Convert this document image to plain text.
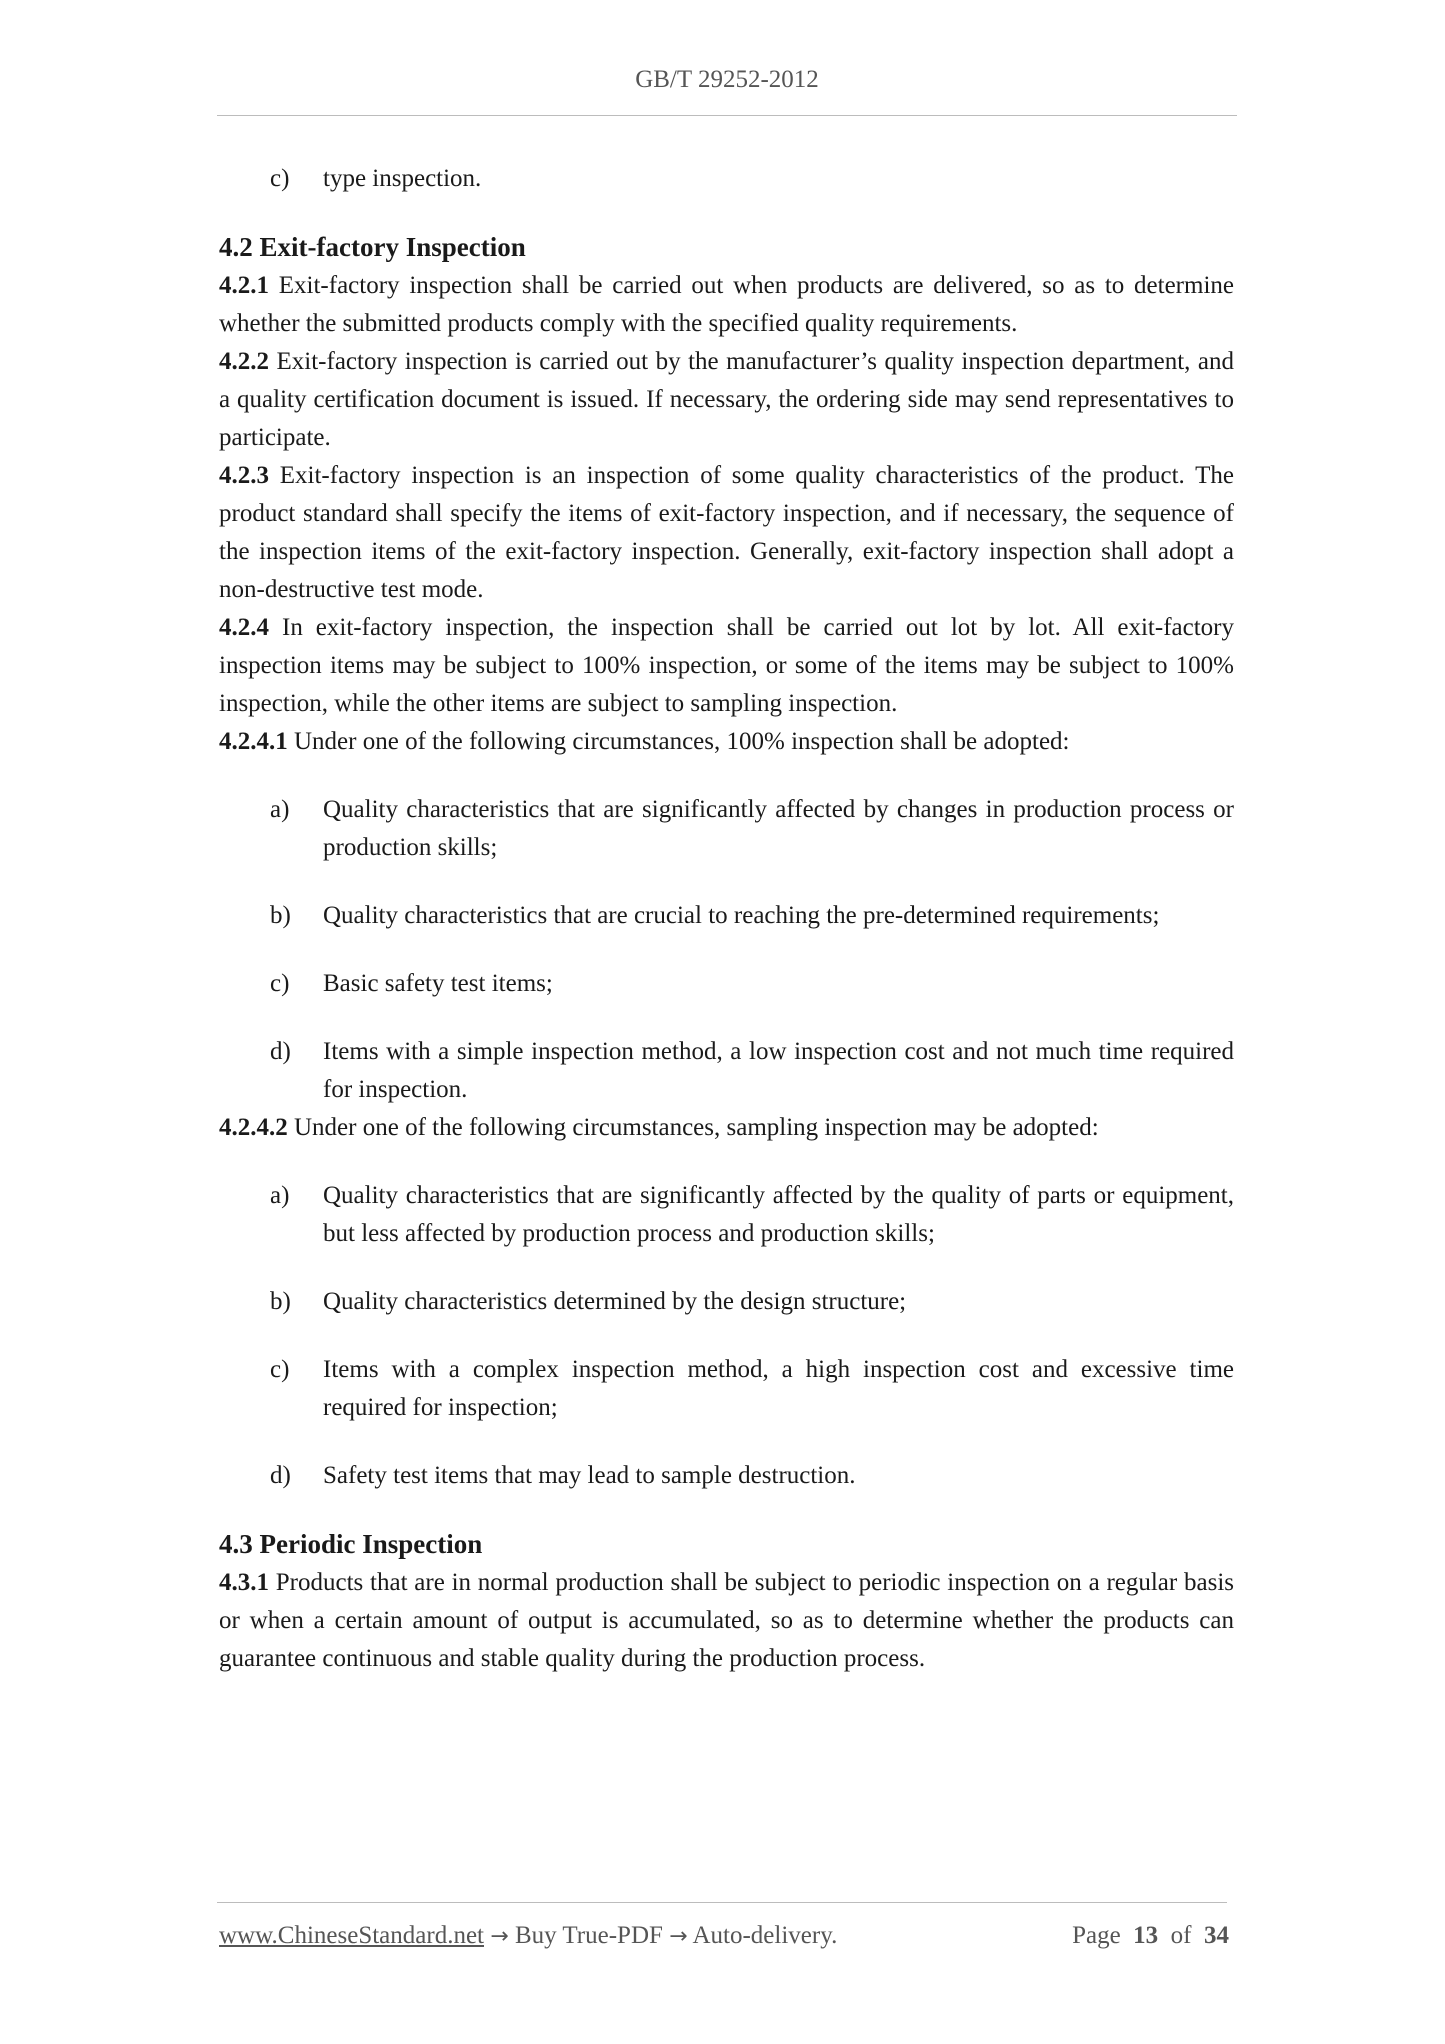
GB/T 29252-2012
c)	type inspection.
4.2 Exit-factory Inspection

4.2.1 Exit-factory inspection shall be carried out when products are delivered, so as to determine whether the submitted products comply with the specified quality requirements.

4.2.2 Exit-factory inspection is carried out by the manufacturer’s quality inspection department, and a quality certification document is issued. If necessary, the ordering side may send representatives to participate.

4.2.3 Exit-factory inspection is an inspection of some quality characteristics of the product. The product standard shall specify the items of exit-factory inspection, and if necessary, the sequence of the inspection items of the exit-factory inspection. Generally, exit-factory inspection shall adopt a non-destructive test mode.

4.2.4 In exit-factory inspection, the inspection shall be carried out lot by lot. All exit-factory inspection items may be subject to 100% inspection, or some of the items may be subject to 100% inspection, while the other items are subject to sampling inspection.

4.2.4.1 Under one of the following circumstances, 100% inspection shall be adopted:

a)	Quality characteristics that are significantly affected by changes in production process or production skills;
b)	Quality characteristics that are crucial to reaching the pre-determined requirements;
c)	Basic safety test items;
d)	Items with a simple inspection method, a low inspection cost and not much time required for inspection.

4.2.4.2 Under one of the following circumstances, sampling inspection may be adopted:

a)	Quality characteristics that are significantly affected by the quality of parts or equipment, but less affected by production process and production skills;
b)	Quality characteristics determined by the design structure;
c)	Items with a complex inspection method, a high inspection cost and excessive time required for inspection;
d)	Safety test items that may lead to sample destruction.
4.3 Periodic Inspection

4.3.1 Products that are in normal production shall be subject to periodic inspection on a regular basis or when a certain amount of output is accumulated, so as to determine whether the products can guarantee continuous and stable quality during the production process.

www.ChineseStandard.net → Buy True-PDF → Auto-delivery.	Page 13 of 34
